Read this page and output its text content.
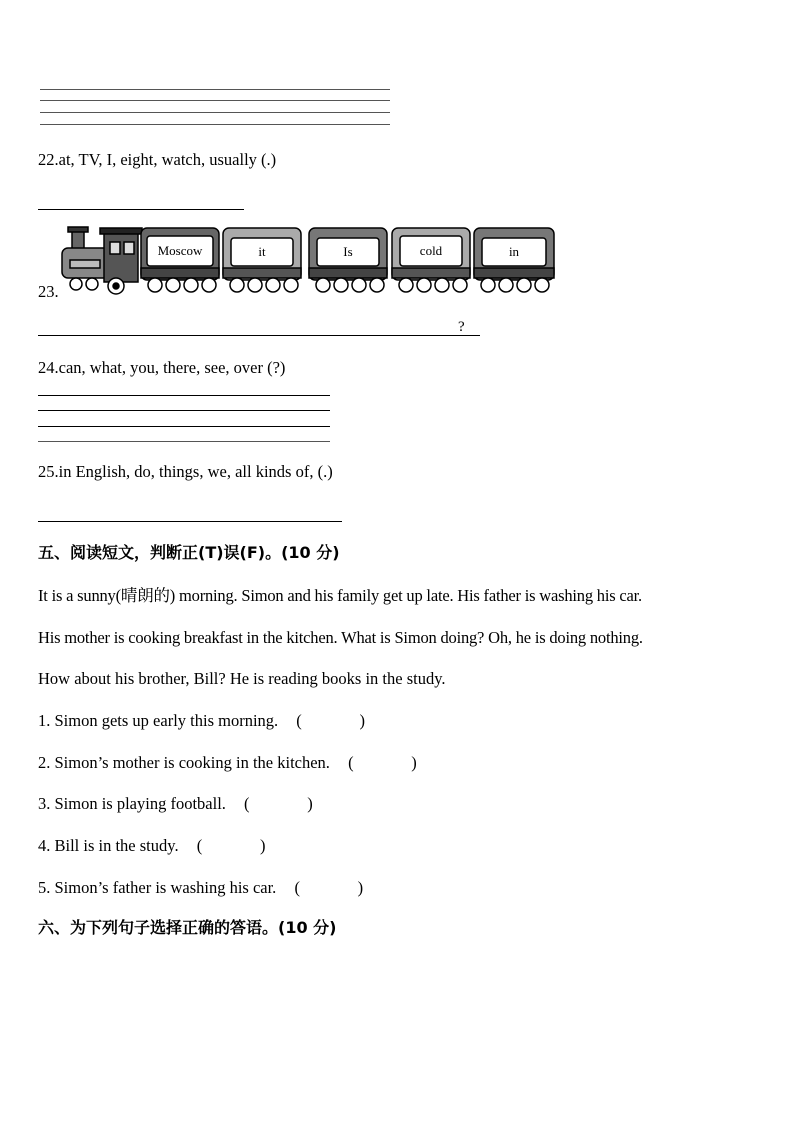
22.at, TV, I, eight, watch, usually (.)
23.
Moscow	it	Is	cold	in
?
24.can, what, you, there, see, over (?)
25.in English, do, things, we, all kinds of, (.)
五、阅读短文，判断正(T)误(F)。(10 分)
It is a sunny(晴朗的) morning. Simon and his family get up late. His father is washing his car.
His mother is cooking breakfast in the kitchen. What is Simon doing? Oh, he is doing nothing.
How about his brother, Bill? He is reading books in the study.
1. Simon gets up early this morning. (              )
2. Simon’s mother is cooking in the kitchen. (              )
3. Simon is playing football. (              )
4. Bill is in the study. (              )
5. Simon’s father is washing his car. (              )
六、为下列句子选择正确的答语。(10 分)
